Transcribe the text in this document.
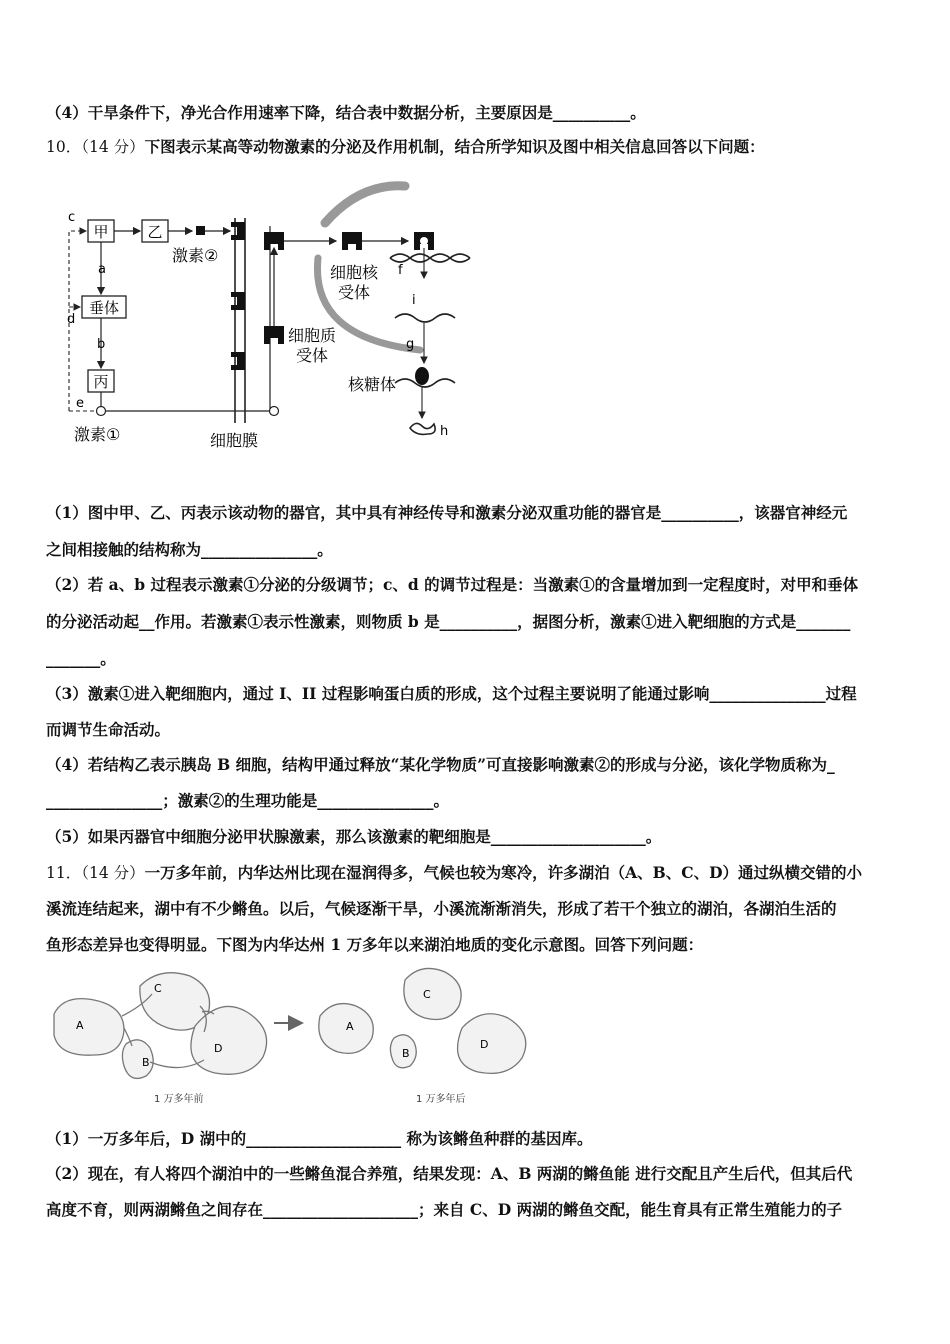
（4）干旱条件下，净光合作用速率下降，结合表中数据分析，主要原因是__________。
10．（14 分）下图表示某高等动物激素的分泌及作用机制，结合所学知识及图中相关信息回答以下问题：
甲	乙
垂体
丙
激素②
a
b
c
d
e
激素①	细胞膜
细胞质
受体
细胞核
受体
f
i
g
核糖体
h
（1）图中甲、乙、丙表示该动物的器官，其中具有神经传导和激素分泌双重功能的器官是__________，该器官神经元
之间相接触的结构称为_______________。
（2）若 a、b 过程表示激素①分泌的分级调节；c、d 的调节过程是：当激素①的含量增加到一定程度时，对甲和垂体
的分泌活动起__作用。若激素①表示性激素，则物质 b 是__________，据图分析，激素①进入靶细胞的方式是_______
_______。
（3）激素①进入靶细胞内，通过 I、II 过程影响蛋白质的形成，这个过程主要说明了能通过影响_______________过程
而调节生命活动。
（4）若结构乙表示胰岛 B 细胞，结构甲通过释放“某化学物质”可直接影响激素②的形成与分泌，该化学物质称为_
_______________；激素②的生理功能是_______________。
（5）如果丙器官中细胞分泌甲状腺激素，那么该激素的靶细胞是____________________。
11．（14 分）一万多年前，内华达州比现在湿润得多，气候也较为寒冷，许多湖泊（A、B、C、D）通过纵横交错的小
溪流连结起来，湖中有不少鳉鱼。以后，气候逐渐干旱，小溪流渐渐消失，形成了若干个独立的湖泊，各湖泊生活的
鱼形态差异也变得明显。下图为内华达州 1 万多年以来湖泊地质的变化示意图。回答下列问题：
A
C
B
D
A
C
B
D
1 万多年前	1 万多年后
（1）一万多年后，D 湖中的____________________ 称为该鳉鱼种群的基因库。
（2）现在，有人将四个湖泊中的一些鳉鱼混合养殖，结果发现：A、B 两湖的鳉鱼能 进行交配且产生后代，但其后代
高度不育，则两湖鳉鱼之间存在____________________；来自 C、D 两湖的鳉鱼交配，能生育具有正常生殖能力的子
